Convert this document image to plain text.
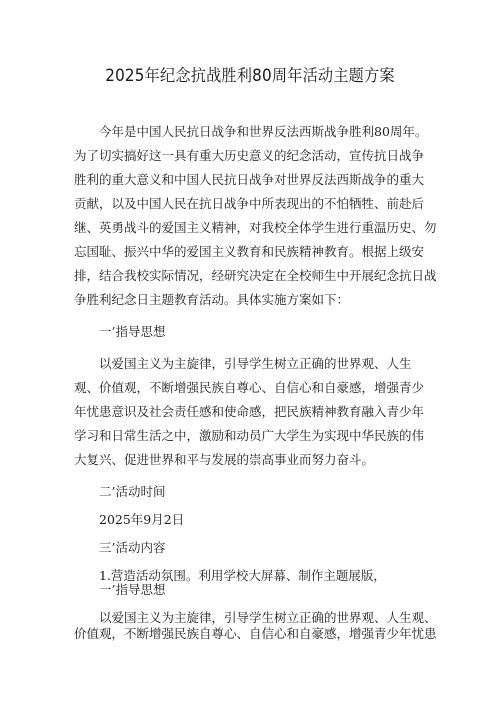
2025年纪念抗战胜利80周年活动主题方案
今年是中国人民抗日战争和世界反法西斯战争胜利80周年。
为了切实搞好这一具有重大历史意义的纪念活动，宣传抗日战争
胜利的重大意义和中国人民抗日战争对世界反法西斯战争的重大
贡献，以及中国人民在抗日战争中所表现出的不怕牺牲、前赴后
继、英勇战斗的爱国主义精神，对我校全体学生进行重温历史、勿
忘国耻、振兴中华的爱国主义教育和民族精神教育。根据上级安
排，结合我校实际情况，经研究决定在全校师生中开展纪念抗日战
争胜利纪念日主题教育活动。具体实施方案如下：
一’指导思想
以爱国主义为主旋律，引导学生树立正确的世界观、人生
观、价值观，不断增强民族自尊心、自信心和自豪感，增强青少
年忧患意识及社会责任感和使命感，把民族精神教育融入青少年
学习和日常生活之中，激励和动员广大学生为实现中华民族的伟
大复兴、促进世界和平与发展的崇高事业而努力奋斗。
二’活动时间
2025年9月2日
三’活动内容
1.营造活动氛围。利用学校大屏幕、制作主题展版，
一’指导思想
以爱国主义为主旋律，引导学生树立正确的世界观、人生观、
价值观，不断增强民族自尊心、自信心和自豪感，增强青少年忧患
